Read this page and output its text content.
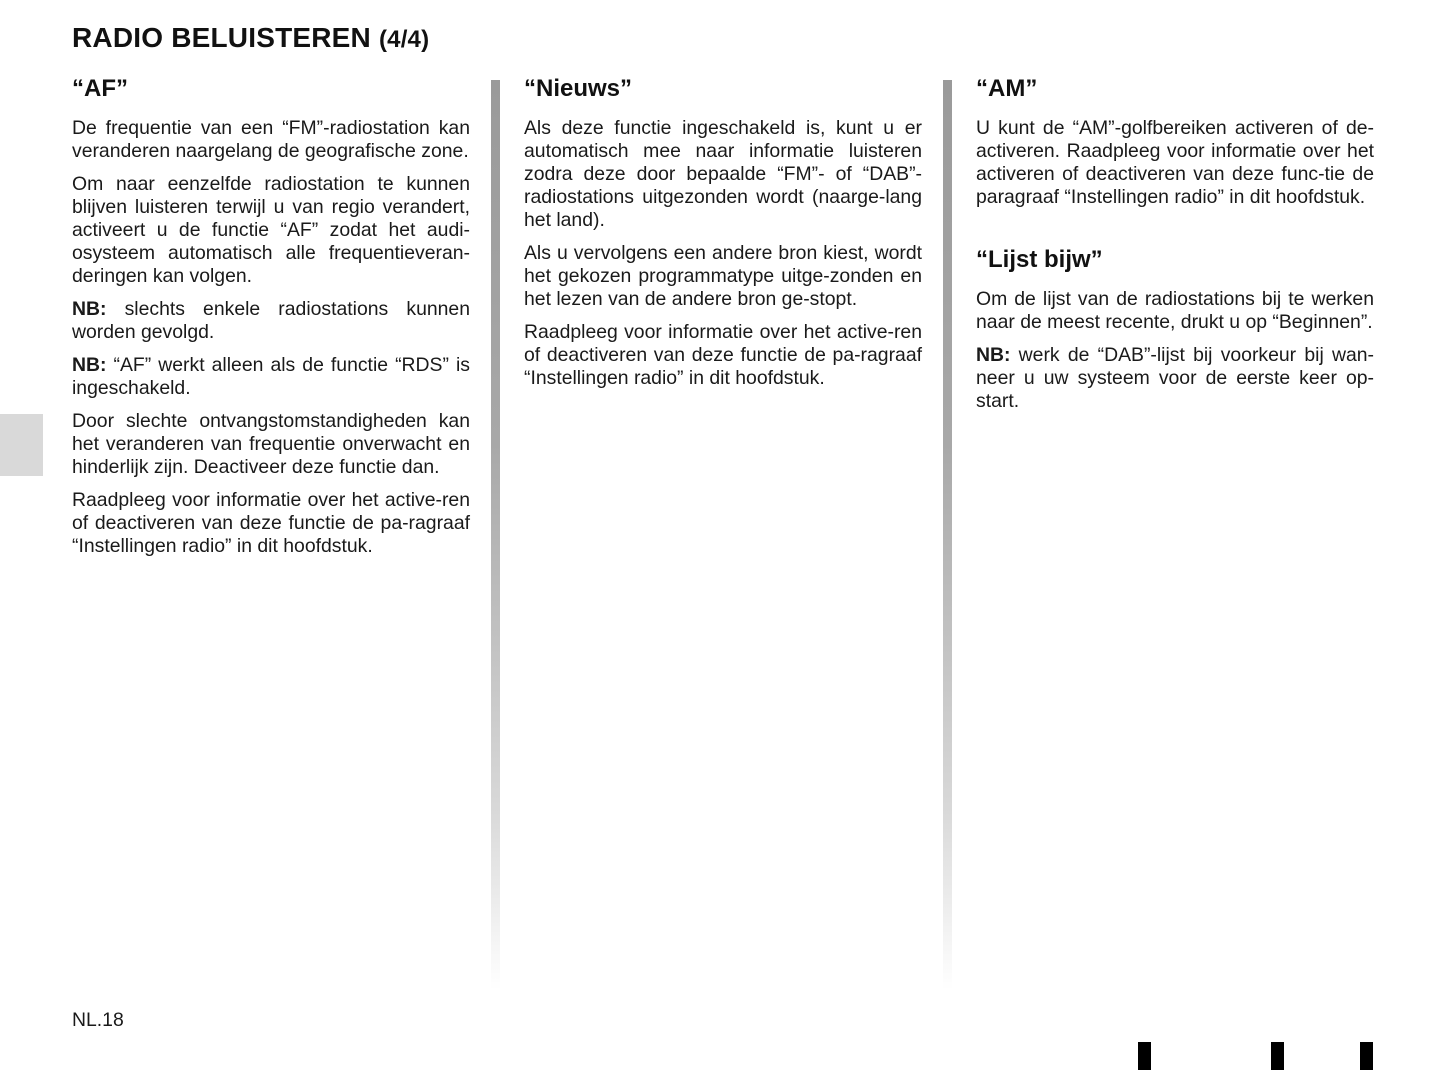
RADIO BELUISTEREN (4/4)
“AF”

De frequentie van een “FM”-radiostation kan veranderen naargelang de geografische zone.

Om naar eenzelfde radiostation te kunnen blijven luisteren terwijl u van regio verandert, activeert u de functie “AF” zodat het audi-osysteem automatisch alle frequentieveran-deringen kan volgen.

NB: slechts enkele radiostations kunnen worden gevolgd.

NB: “AF” werkt alleen als de functie “RDS” is ingeschakeld.

Door slechte ontvangstomstandigheden kan het veranderen van frequentie onverwacht en hinderlijk zijn. Deactiveer deze functie dan.

Raadpleeg voor informatie over het active-ren of deactiveren van deze functie de pa-ragraaf “Instellingen radio” in dit hoofdstuk.

“Nieuws”

Als deze functie ingeschakeld is, kunt u er automatisch mee naar informatie luisteren zodra deze door bepaalde “FM”- of “DAB”-radiostations uitgezonden wordt (naarge-lang het land).

Als u vervolgens een andere bron kiest, wordt het gekozen programmatype uitge-zonden en het lezen van de andere bron ge-stopt.

Raadpleeg voor informatie over het active-ren of deactiveren van deze functie de pa-ragraaf “Instellingen radio” in dit hoofdstuk.

“AM”

U kunt de “AM”-golfbereiken activeren of de-activeren. Raadpleeg voor informatie over het activeren of deactiveren van deze func-tie de paragraaf “Instellingen radio” in dit hoofdstuk.

“Lijst bijw”

Om de lijst van de radiostations bij te werken naar de meest recente, drukt u op “Beginnen”.

NB: werk de “DAB”-lijst bij voorkeur bij wan-neer u uw systeem voor de eerste keer op-start.

NL.18
